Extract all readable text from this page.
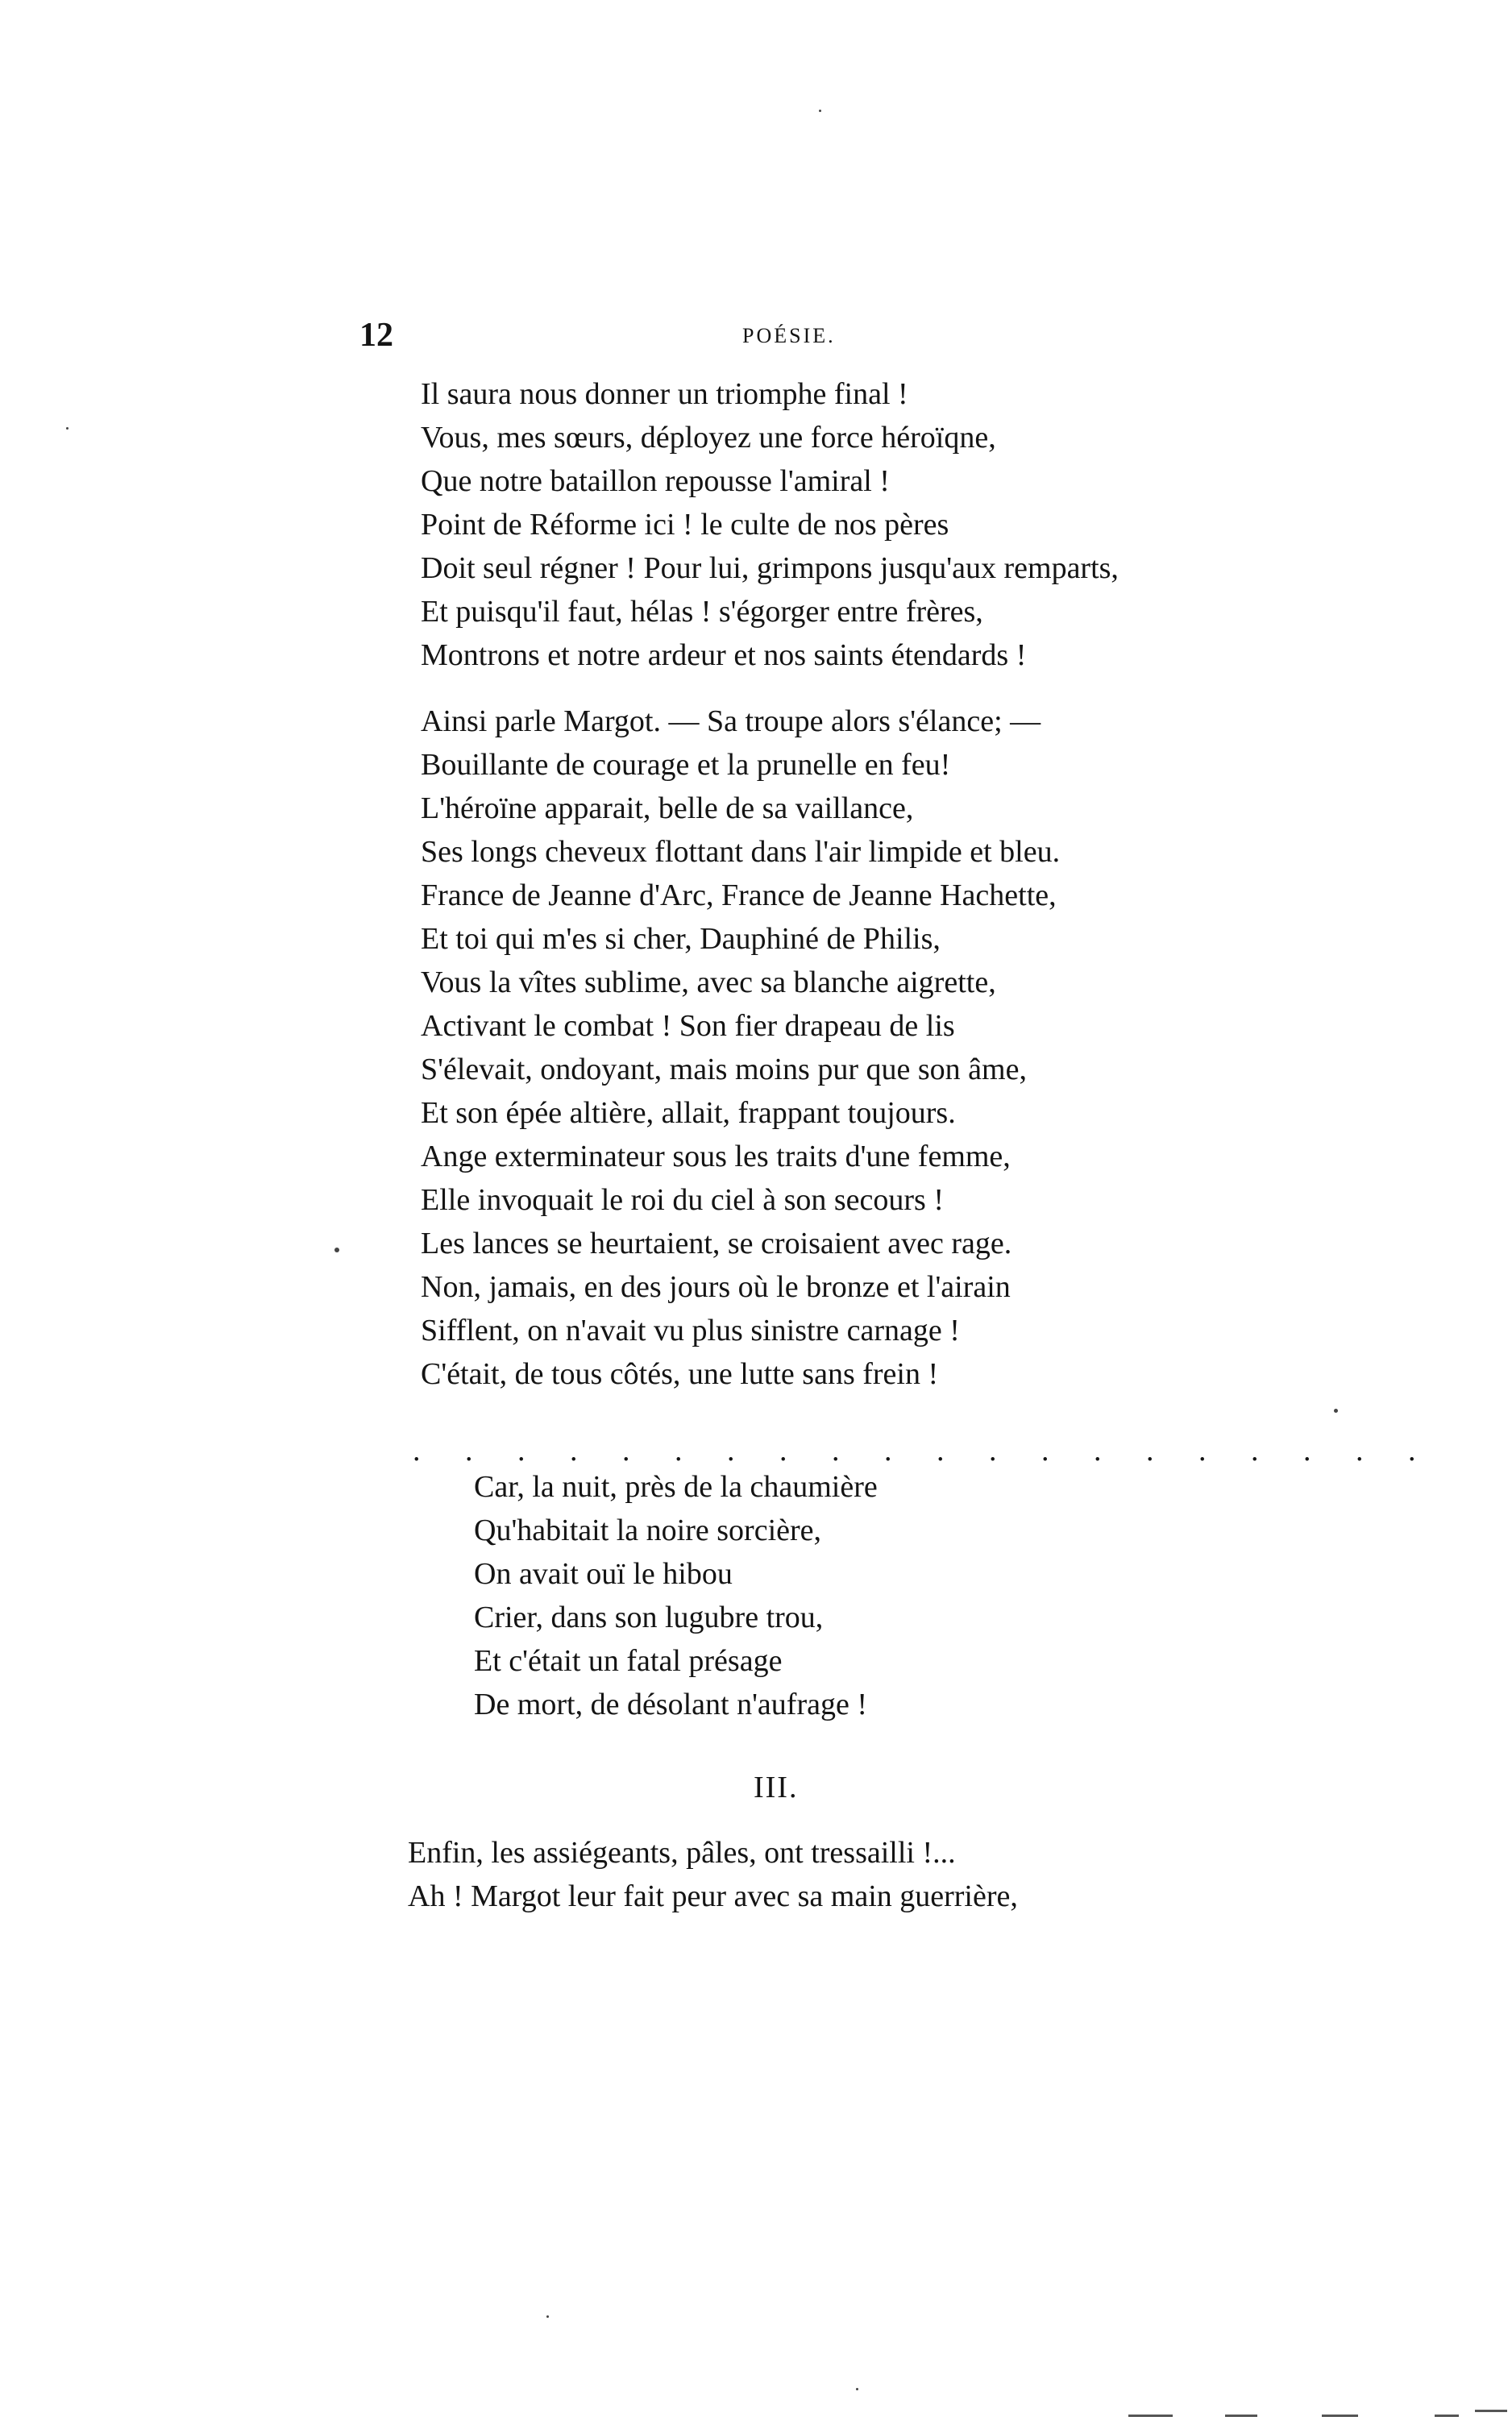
12	POÉSIE.
Il saura nous donner un triomphe final !
Vous, mes sœurs, déployez une force héroïqne,
Que notre bataillon repousse l'amiral !
Point de Réforme ici ! le culte de nos pères
Doit seul régner ! Pour lui, grimpons jusqu'aux remparts,
Et puisqu'il faut, hélas ! s'égorger entre frères,
Montrons et notre ardeur et nos saints étendards !
Ainsi parle Margot. — Sa troupe alors s'élance; —
Bouillante de courage et la prunelle en feu!
L'héroïne apparait, belle de sa vaillance,
Ses longs cheveux flottant dans l'air limpide et bleu.
France de Jeanne d'Arc, France de Jeanne Hachette,
Et toi qui m'es si cher, Dauphiné de Philis,
Vous la vîtes sublime, avec sa blanche aigrette,
Activant le combat ! Son fier drapeau de lis
S'élevait, ondoyant, mais moins pur que son âme,
Et son épée altière, allait, frappant toujours.
Ange exterminateur sous les traits d'une femme,
Elle invoquait le roi du ciel à son secours !
Les lances se heurtaient, se croisaient avec rage.
Non, jamais, en des jours où le bronze et l'airain
Sifflent, on n'avait vu plus sinistre carnage !
C'était, de tous côtés, une lutte sans frein !
. . . . . . . . . . . . . . . . . . . .
Car, la nuit, près de la chaumière
Qu'habitait la noire sorcière,
On avait ouï le hibou
Crier, dans son lugubre trou,
Et c'était un fatal présage
De mort, de désolant n'aufrage !
III.
Enfin, les assiégeants, pâles, ont tressailli !...
Ah ! Margot leur fait peur avec sa main guerrière,
